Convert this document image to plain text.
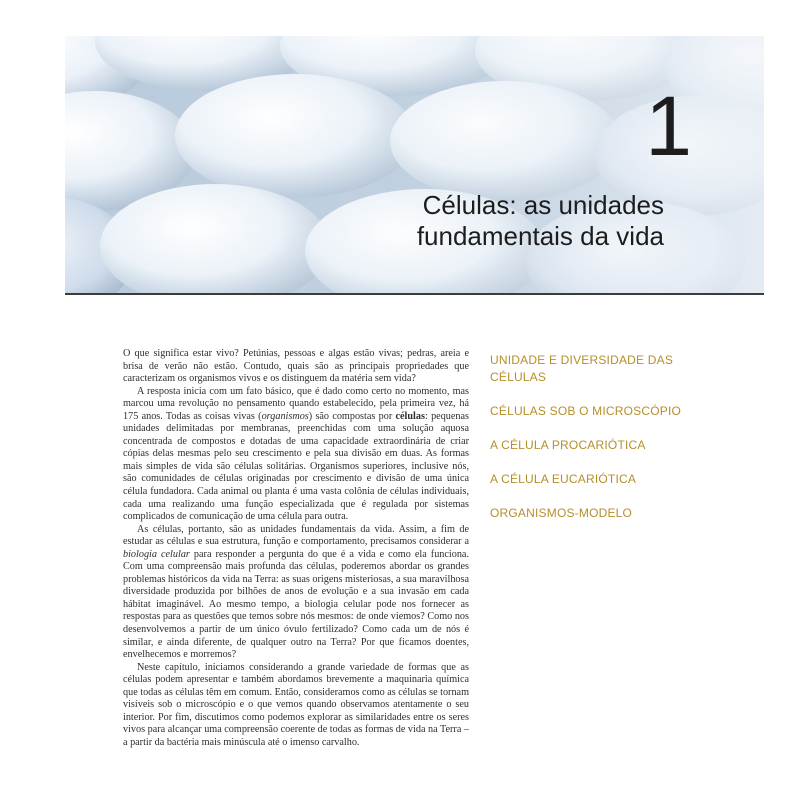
1
Células: as unidades fundamentais da vida

O que significa estar vivo? Petúnias, pessoas e algas estão vivas; pedras, areia e brisa de verão não estão. Contudo, quais são as principais propriedades que caracterizam os organismos vivos e os distinguem da matéria sem vida?

A resposta inicia com um fato básico, que é dado como certo no momento, mas marcou uma revolução no pensamento quando estabelecido, pela primeira vez, há 175 anos. Todas as coisas vivas (organismos) são compostas por células: pequenas unidades delimitadas por membranas, preenchidas com uma solução aquosa concentrada de compostos e dotadas de uma capacidade extraordinária de criar cópias delas mesmas pelo seu crescimento e pela sua divisão em duas. As formas mais simples de vida são células solitárias. Organismos superiores, inclusive nós, são comunidades de células originadas por crescimento e divisão de uma única célula fundadora. Cada animal ou planta é uma vasta colônia de células individuais, cada uma realizando uma função especializada que é regulada por sistemas complicados de comunicação de uma célula para outra.

As células, portanto, são as unidades fundamentais da vida. Assim, a fim de estudar as células e sua estrutura, função e comportamento, precisamos considerar a biologia celular para responder a pergunta do que é a vida e como ela funciona. Com uma compreensão mais profunda das células, poderemos abordar os grandes problemas históricos da vida na Terra: as suas origens misteriosas, a sua maravilhosa diversidade produzida por bilhões de anos de evolução e a sua invasão em cada hábitat imaginável. Ao mesmo tempo, a biologia celular pode nos fornecer as respostas para as questões que temos sobre nós mesmos: de onde viemos? Como nos desenvolvemos a partir de um único óvulo fertilizado? Como cada um de nós é similar, e ainda diferente, de qualquer outro na Terra? Por que ficamos doentes, envelhecemos e morremos?

Neste capítulo, iniciamos considerando a grande variedade de formas que as células podem apresentar e também abordamos brevemente a maquinaria química que todas as células têm em comum. Então, consideramos como as células se tornam visíveis sob o microscópio e o que vemos quando observamos atentamente o seu interior. Por fim, discutimos como podemos explorar as similaridades entre os seres vivos para alcançar uma compreensão coerente de todas as formas de vida na Terra – a partir da bactéria mais minúscula até o imenso carvalho.

UNIDADE E DIVERSIDADE DAS CÉLULAS
CÉLULAS SOB O MICROSCÓPIO
A CÉLULA PROCARIÓTICA
A CÉLULA EUCARIÓTICA
ORGANISMOS-MODELO
